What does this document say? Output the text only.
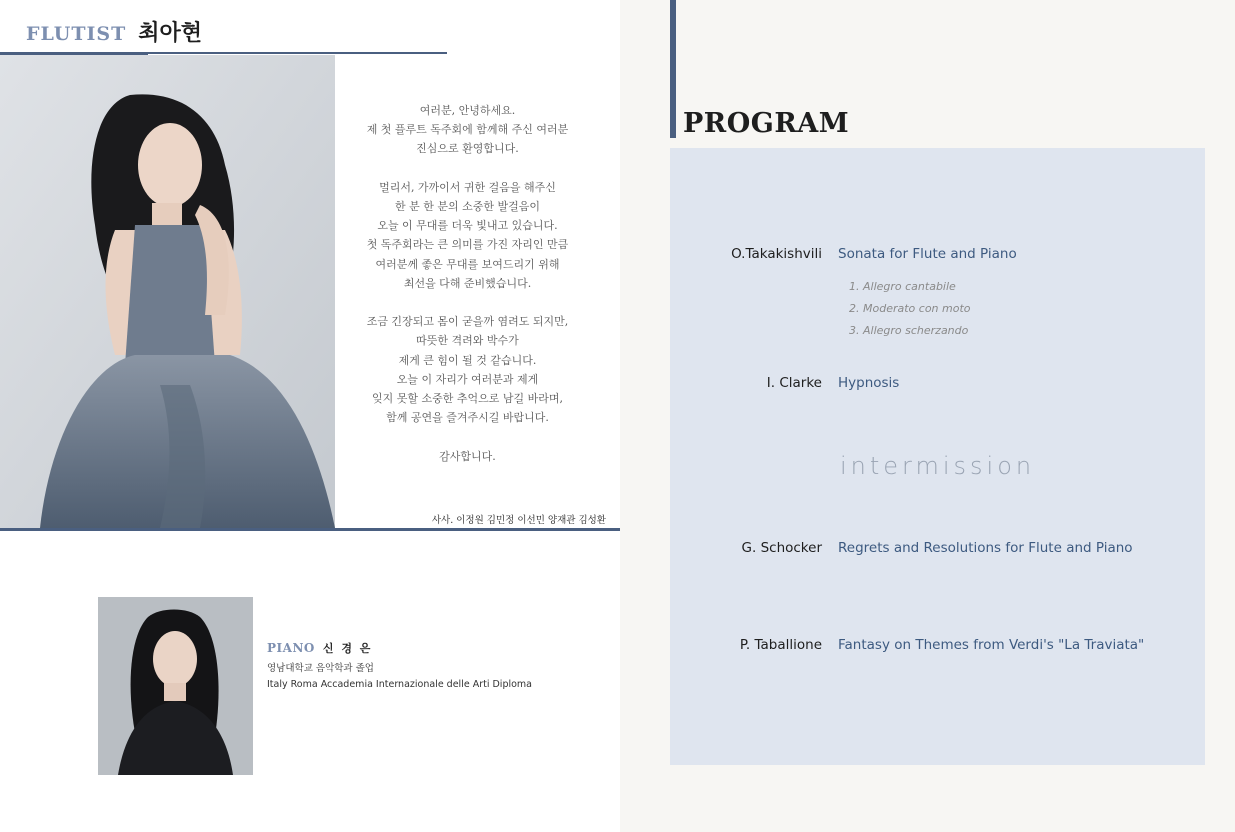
FLUTIST 최아현
여러분, 안녕하세요.
제 첫 플루트 독주회에 함께해 주신 여러분
진심으로 환영합니다.
멀리서, 가까이서 귀한 걸음을 해주신
한 분 한 분의 소중한 발걸음이
오늘 이 무대를 더욱 빛내고 있습니다.
첫 독주회라는 큰 의미를 가진 자리인 만큼
여러분께 좋은 무대를 보여드리기 위해
최선을 다해 준비했습니다.
조금 긴장되고 몸이 굳을까 염려도 되지만,
따뜻한 격려와 박수가
제게 큰 힘이 될 것 같습니다.
오늘 이 자리가 여러분과 제게
잊지 못할 소중한 추억으로 남길 바라며,
함께 공연을 즐겨주시길 바랍니다.
감사합니다.
사사. 이정원 김민정 이선민 양재관 김성환
PIANO 신 경 은
영남대학교 음악학과 졸업
Italy Roma Accademia Internazionale delle Arti Diploma
PROGRAM
O.Takakishvili Sonata for Flute and Piano
1. Allegro cantabile
2. Moderato con moto
3. Allegro scherzando
I. Clarke Hypnosis
intermission
G. Schocker Regrets and Resolutions for Flute and Piano
P. Taballione Fantasy on Themes from Verdi's "La Traviata"
